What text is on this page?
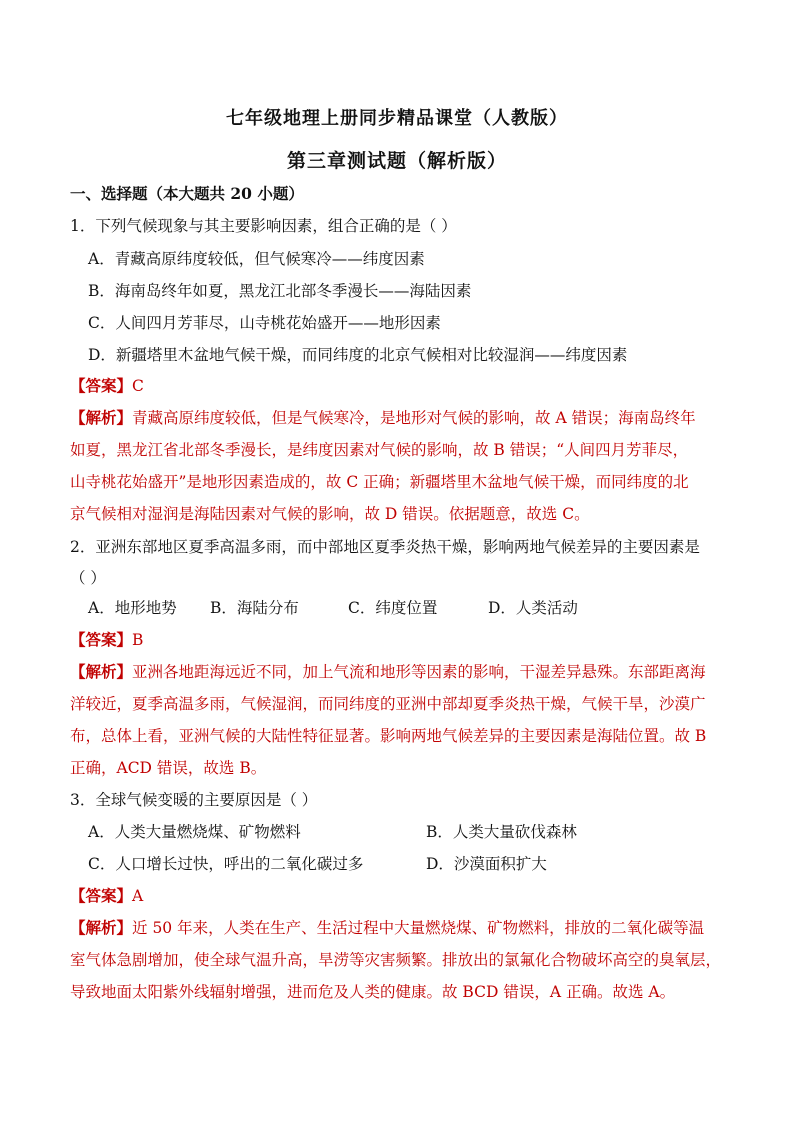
七年级地理上册同步精品课堂（人教版）
第三章测试题（解析版）
一、选择题（本大题共 20 小题）
1．下列气候现象与其主要影响因素，组合正确的是（ ）
A．青藏高原纬度较低，但气候寒冷——纬度因素
B．海南岛终年如夏，黑龙江北部冬季漫长——海陆因素
C．人间四月芳菲尽，山寺桃花始盛开——地形因素
D．新疆塔里木盆地气候干燥，而同纬度的北京气候相对比较湿润——纬度因素
【答案】C
【解析】青藏高原纬度较低，但是气候寒冷，是地形对气候的影响，故 A 错误；海南岛终年
如夏，黑龙江省北部冬季漫长，是纬度因素对气候的影响，故 B 错误；“人间四月芳菲尽，
山寺桃花始盛开”是地形因素造成的，故 C 正确；新疆塔里木盆地气候干燥，而同纬度的北
京气候相对湿润是海陆因素对气候的影响，故 D 错误。依据题意，故选 C。
2．亚洲东部地区夏季高温多雨，而中部地区夏季炎热干燥，影响两地气候差异的主要因素是
（ ）
A．地形地势	B．海陆分布	C．纬度位置	D．人类活动
【答案】B
【解析】亚洲各地距海远近不同，加上气流和地形等因素的影响，干湿差异悬殊。东部距离海
洋较近，夏季高温多雨，气候湿润，而同纬度的亚洲中部却夏季炎热干燥，气候干旱，沙漠广
布，总体上看，亚洲气候的大陆性特征显著。影响两地气候差异的主要因素是海陆位置。故 B
正确，ACD 错误，故选 B。
3．全球气候变暖的主要原因是（ ）
A．人类大量燃烧煤、矿物燃料	B．人类大量砍伐森林
C．人口增长过快，呼出的二氧化碳过多	D．沙漠面积扩大
【答案】A
【解析】近 50 年来，人类在生产、生活过程中大量燃烧煤、矿物燃料，排放的二氧化碳等温
室气体急剧增加，使全球气温升高，旱涝等灾害频繁。排放出的氯氟化合物破坏高空的臭氧层，
导致地面太阳紫外线辐射增强，进而危及人类的健康。故 BCD 错误，A 正确。故选 A。
